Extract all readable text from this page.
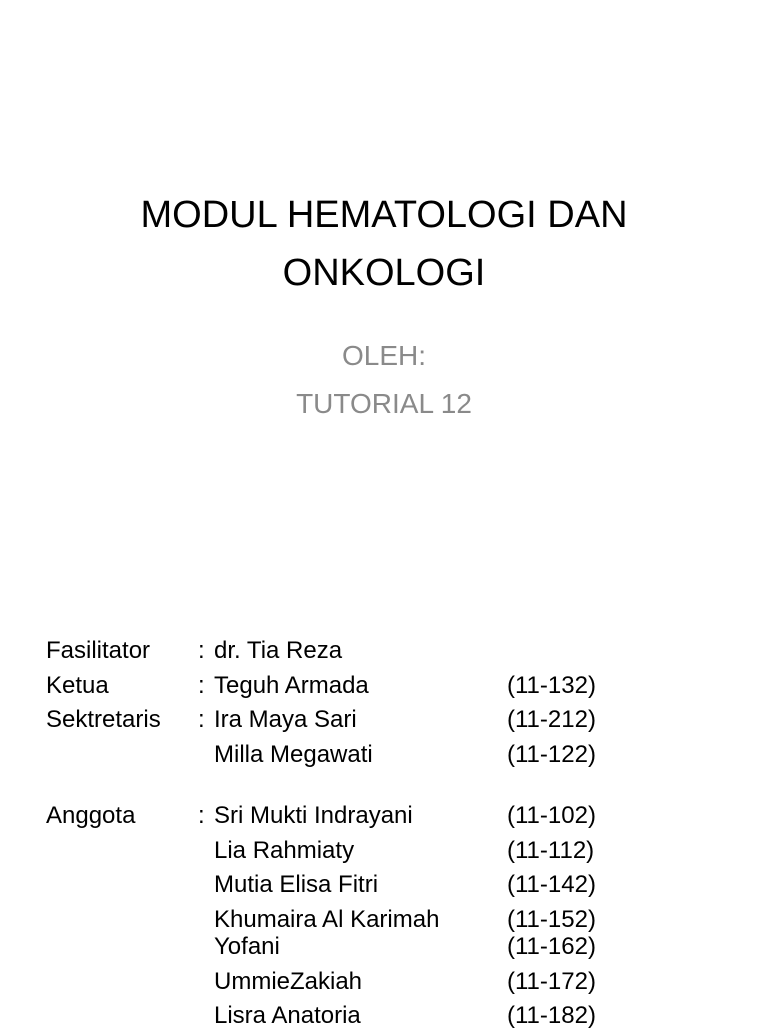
MODUL HEMATOLOGI DAN
ONKOLOGI
OLEH:
TUTORIAL 12
Fasilitator : dr. Tia Reza
Ketua	: Teguh Armada	(11-132)
Sektretaris : Ira Maya Sari	(11-212)
Milla Megawati	(11-122)
Anggota	: Sri Mukti Indrayani	(11-102)
Lia Rahmiaty	(11-112)
Mutia Elisa Fitri	(11-142)
Khumaira Al Karimah	(11-152)
Yofani	(11-162)
UmmieZakiah	(11-172)
Lisra Anatoria	(11-182)
